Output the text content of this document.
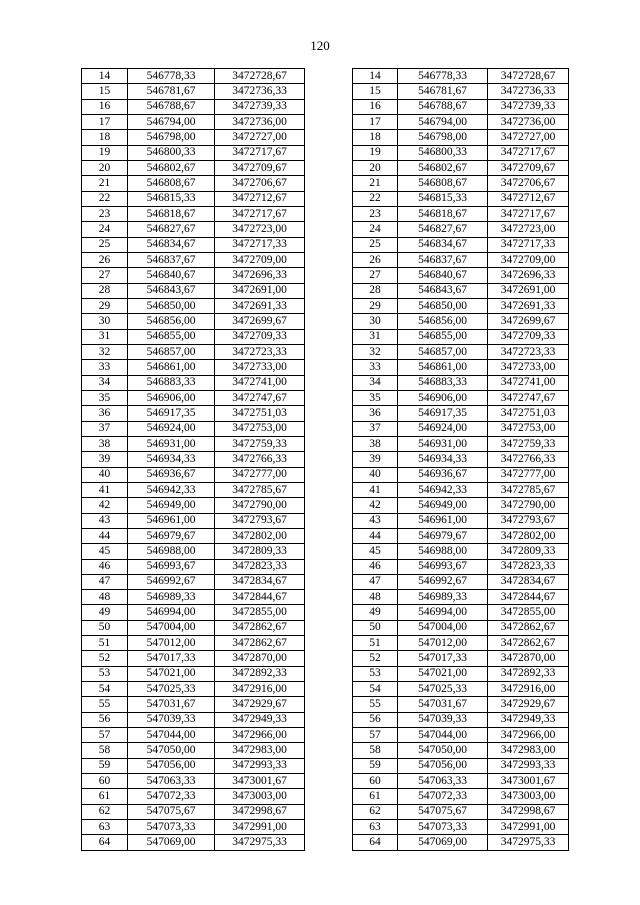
120
14	546778,33	3472728,67		14	546778,33	3472728,67
15	546781,67	3472736,33		15	546781,67	3472736,33
16	546788,67	3472739,33		16	546788,67	3472739,33
17	546794,00	3472736,00		17	546794,00	3472736,00
18	546798,00	3472727,00		18	546798,00	3472727,00
19	546800,33	3472717,67		19	546800,33	3472717,67
20	546802,67	3472709,67		20	546802,67	3472709,67
21	546808,67	3472706,67		21	546808,67	3472706,67
22	546815,33	3472712,67		22	546815,33	3472712,67
23	546818,67	3472717,67		23	546818,67	3472717,67
24	546827,67	3472723,00		24	546827,67	3472723,00
25	546834,67	3472717,33		25	546834,67	3472717,33
26	546837,67	3472709,00		26	546837,67	3472709,00
27	546840,67	3472696,33		27	546840,67	3472696,33
28	546843,67	3472691,00		28	546843,67	3472691,00
29	546850,00	3472691,33		29	546850,00	3472691,33
30	546856,00	3472699,67		30	546856,00	3472699,67
31	546855,00	3472709,33		31	546855,00	3472709,33
32	546857,00	3472723,33		32	546857,00	3472723,33
33	546861,00	3472733,00		33	546861,00	3472733,00
34	546883,33	3472741,00		34	546883,33	3472741,00
35	546906,00	3472747,67		35	546906,00	3472747,67
36	546917,35	3472751,03		36	546917,35	3472751,03
37	546924,00	3472753,00		37	546924,00	3472753,00
38	546931,00	3472759,33		38	546931,00	3472759,33
39	546934,33	3472766,33		39	546934,33	3472766,33
40	546936,67	3472777,00		40	546936,67	3472777,00
41	546942,33	3472785,67		41	546942,33	3472785,67
42	546949,00	3472790,00		42	546949,00	3472790,00
43	546961,00	3472793,67		43	546961,00	3472793,67
44	546979,67	3472802,00		44	546979,67	3472802,00
45	546988,00	3472809,33		45	546988,00	3472809,33
46	546993,67	3472823,33		46	546993,67	3472823,33
47	546992,67	3472834,67		47	546992,67	3472834,67
48	546989,33	3472844,67		48	546989,33	3472844,67
49	546994,00	3472855,00		49	546994,00	3472855,00
50	547004,00	3472862,67		50	547004,00	3472862,67
51	547012,00	3472862,67		51	547012,00	3472862,67
52	547017,33	3472870,00		52	547017,33	3472870,00
53	547021,00	3472892,33		53	547021,00	3472892,33
54	547025,33	3472916,00		54	547025,33	3472916,00
55	547031,67	3472929,67		55	547031,67	3472929,67
56	547039,33	3472949,33		56	547039,33	3472949,33
57	547044,00	3472966,00		57	547044,00	3472966,00
58	547050,00	3472983,00		58	547050,00	3472983,00
59	547056,00	3472993,33		59	547056,00	3472993,33
60	547063,33	3473001,67		60	547063,33	3473001,67
61	547072,33	3473003,00		61	547072,33	3473003,00
62	547075,67	3472998,67		62	547075,67	3472998,67
63	547073,33	3472991,00		63	547073,33	3472991,00
64	547069,00	3472975,33		64	547069,00	3472975,33
